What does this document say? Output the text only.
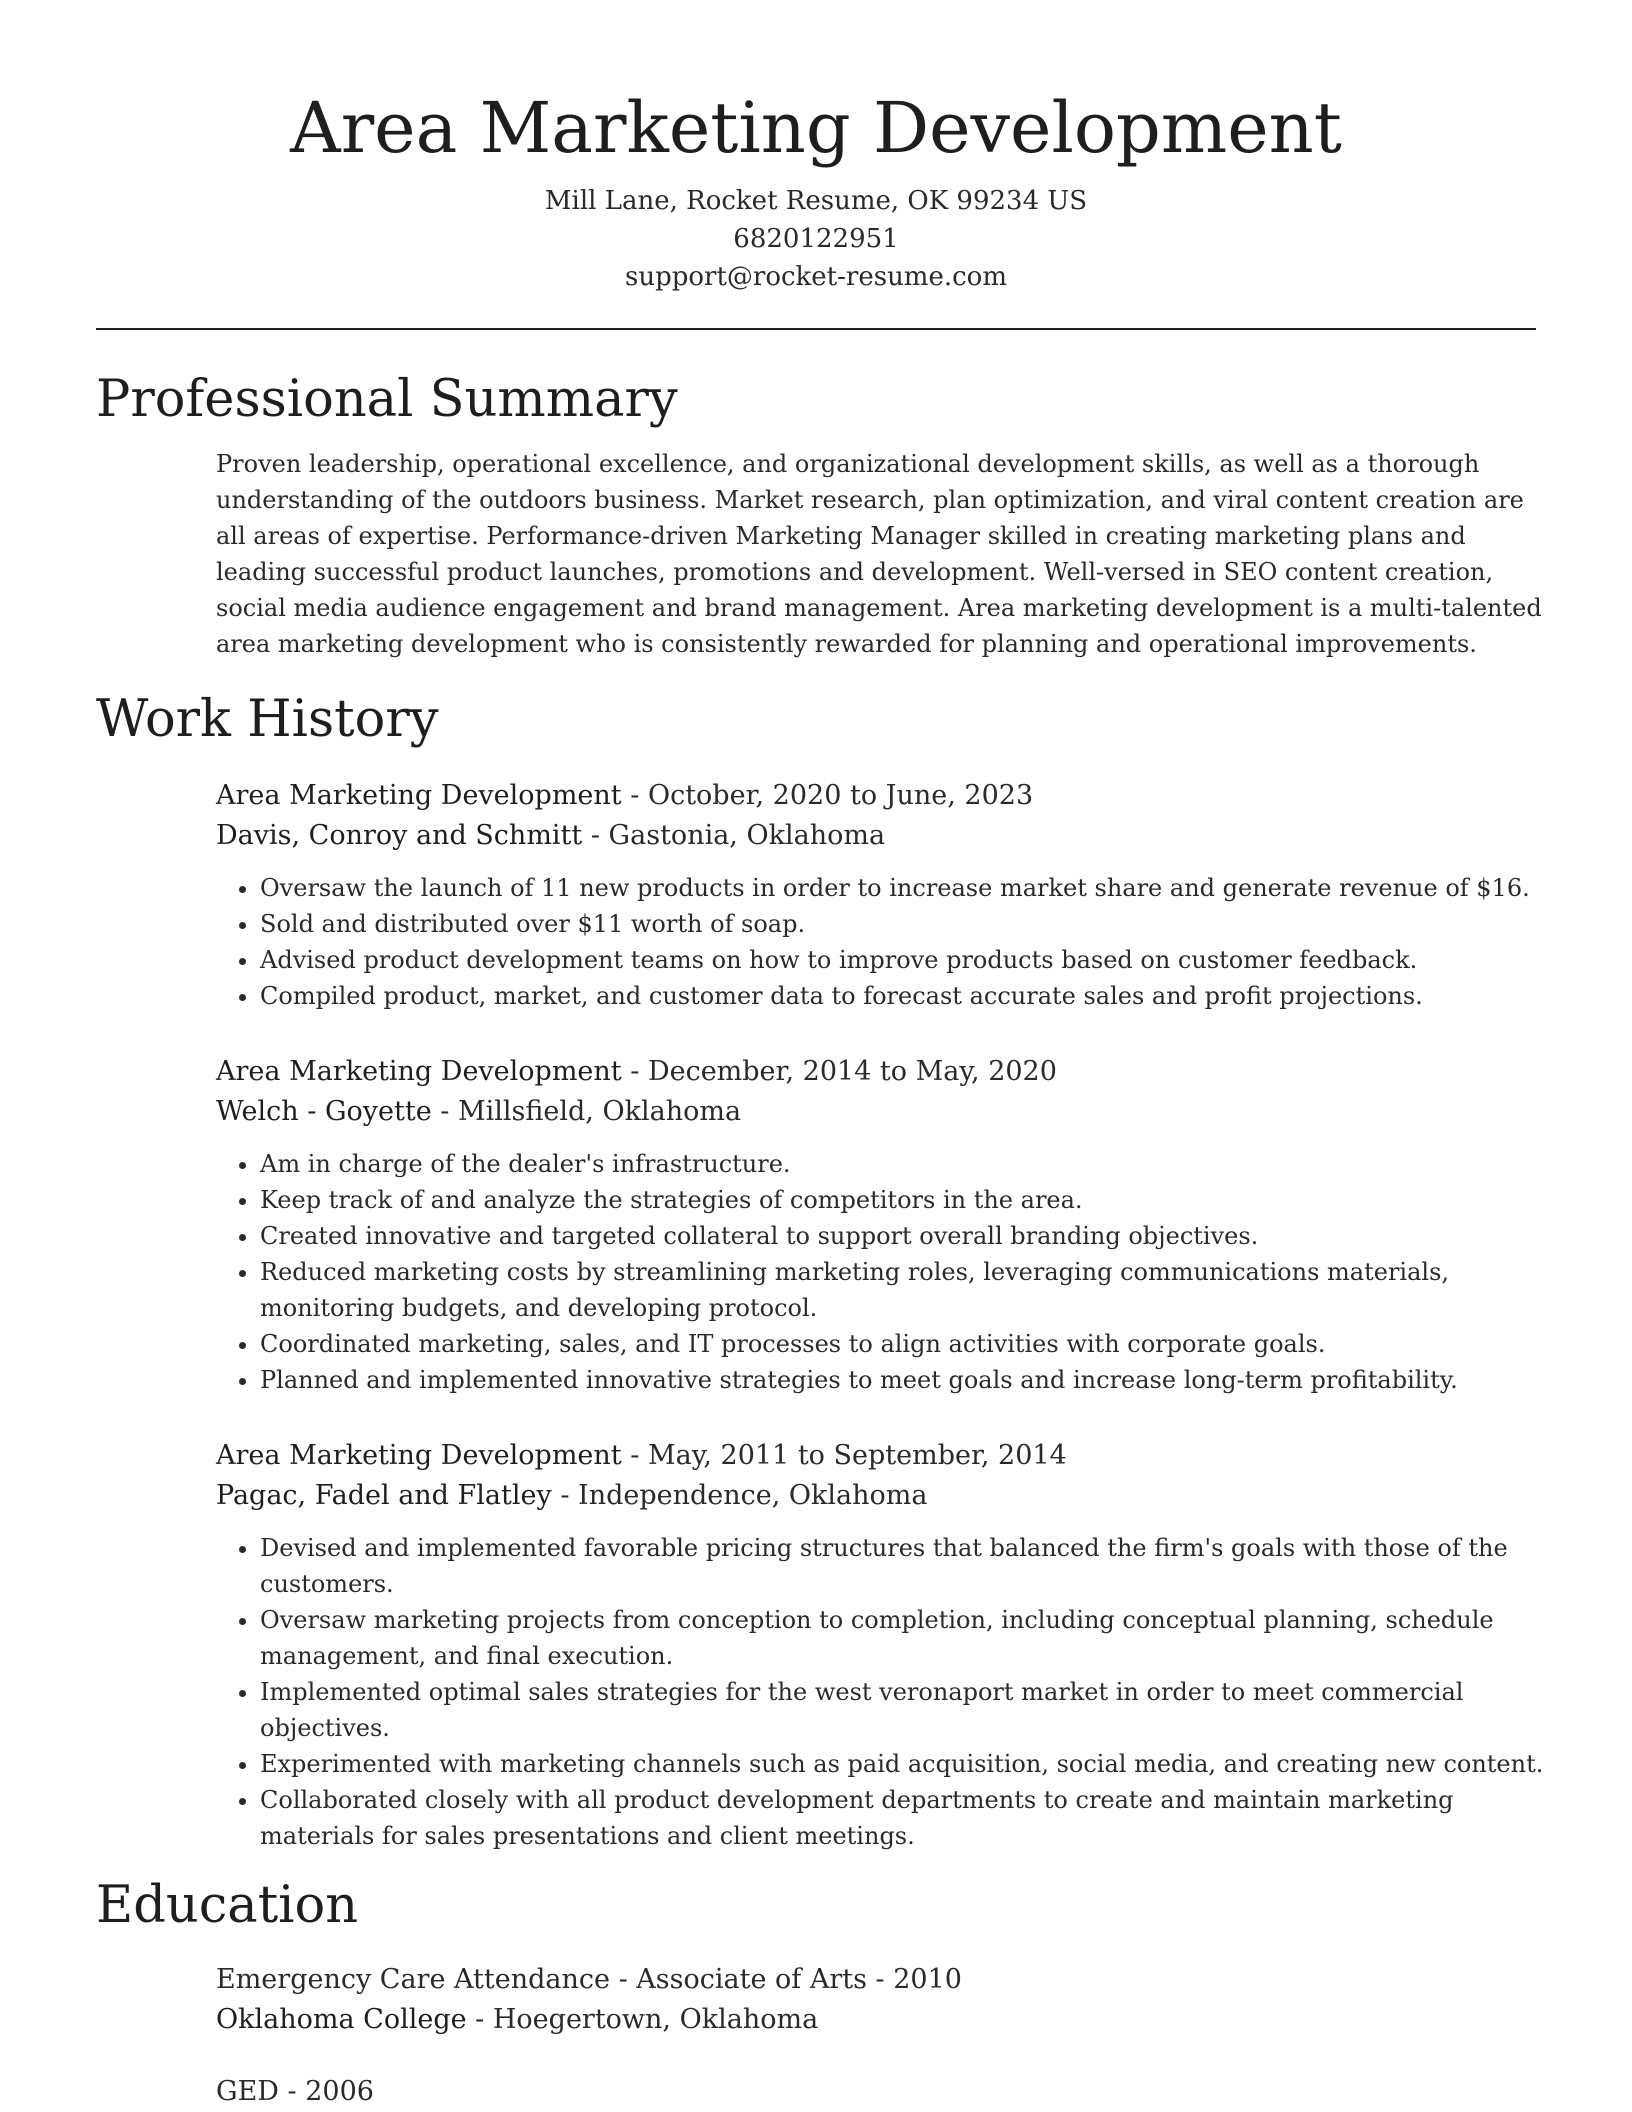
Area Marketing Development
Mill Lane, Rocket Resume, OK 99234 US
6820122951
support@rocket-resume.com
Professional Summary

Proven leadership, operational excellence, and organizational development skills, as well as a thorough understanding of the outdoors business. Market research, plan optimization, and viral content creation are all areas of expertise. Performance-driven Marketing Manager skilled in creating marketing plans and leading successful product launches, promotions and development. Well-versed in SEO content creation, social media audience engagement and brand management. Area marketing development is a multi-talented area marketing development who is consistently rewarded for planning and operational improvements.

Work History
Area Marketing Development - October, 2020 to June, 2023
Davis, Conroy and Schmitt - Gastonia, Oklahoma
• Oversaw the launch of 11 new products in order to increase market share and generate revenue of $16.
• Sold and distributed over $11 worth of soap.
• Advised product development teams on how to improve products based on customer feedback.
• Compiled product, market, and customer data to forecast accurate sales and profit projections.
Area Marketing Development - December, 2014 to May, 2020
Welch - Goyette - Millsfield, Oklahoma
• Am in charge of the dealer's infrastructure.
• Keep track of and analyze the strategies of competitors in the area.
• Created innovative and targeted collateral to support overall branding objectives.
• Reduced marketing costs by streamlining marketing roles, leveraging communications materials, monitoring budgets, and developing protocol.
• Coordinated marketing, sales, and IT processes to align activities with corporate goals.
• Planned and implemented innovative strategies to meet goals and increase long-term profitability.
Area Marketing Development - May, 2011 to September, 2014
Pagac, Fadel and Flatley - Independence, Oklahoma
• Devised and implemented favorable pricing structures that balanced the firm's goals with those of the customers.
• Oversaw marketing projects from conception to completion, including conceptual planning, schedule management, and final execution.
• Implemented optimal sales strategies for the west veronaport market in order to meet commercial objectives.
• Experimented with marketing channels such as paid acquisition, social media, and creating new content.
• Collaborated closely with all product development departments to create and maintain marketing materials for sales presentations and client meetings.
Education
Emergency Care Attendance - Associate of Arts - 2010
Oklahoma College - Hoegertown, Oklahoma
GED - 2006
